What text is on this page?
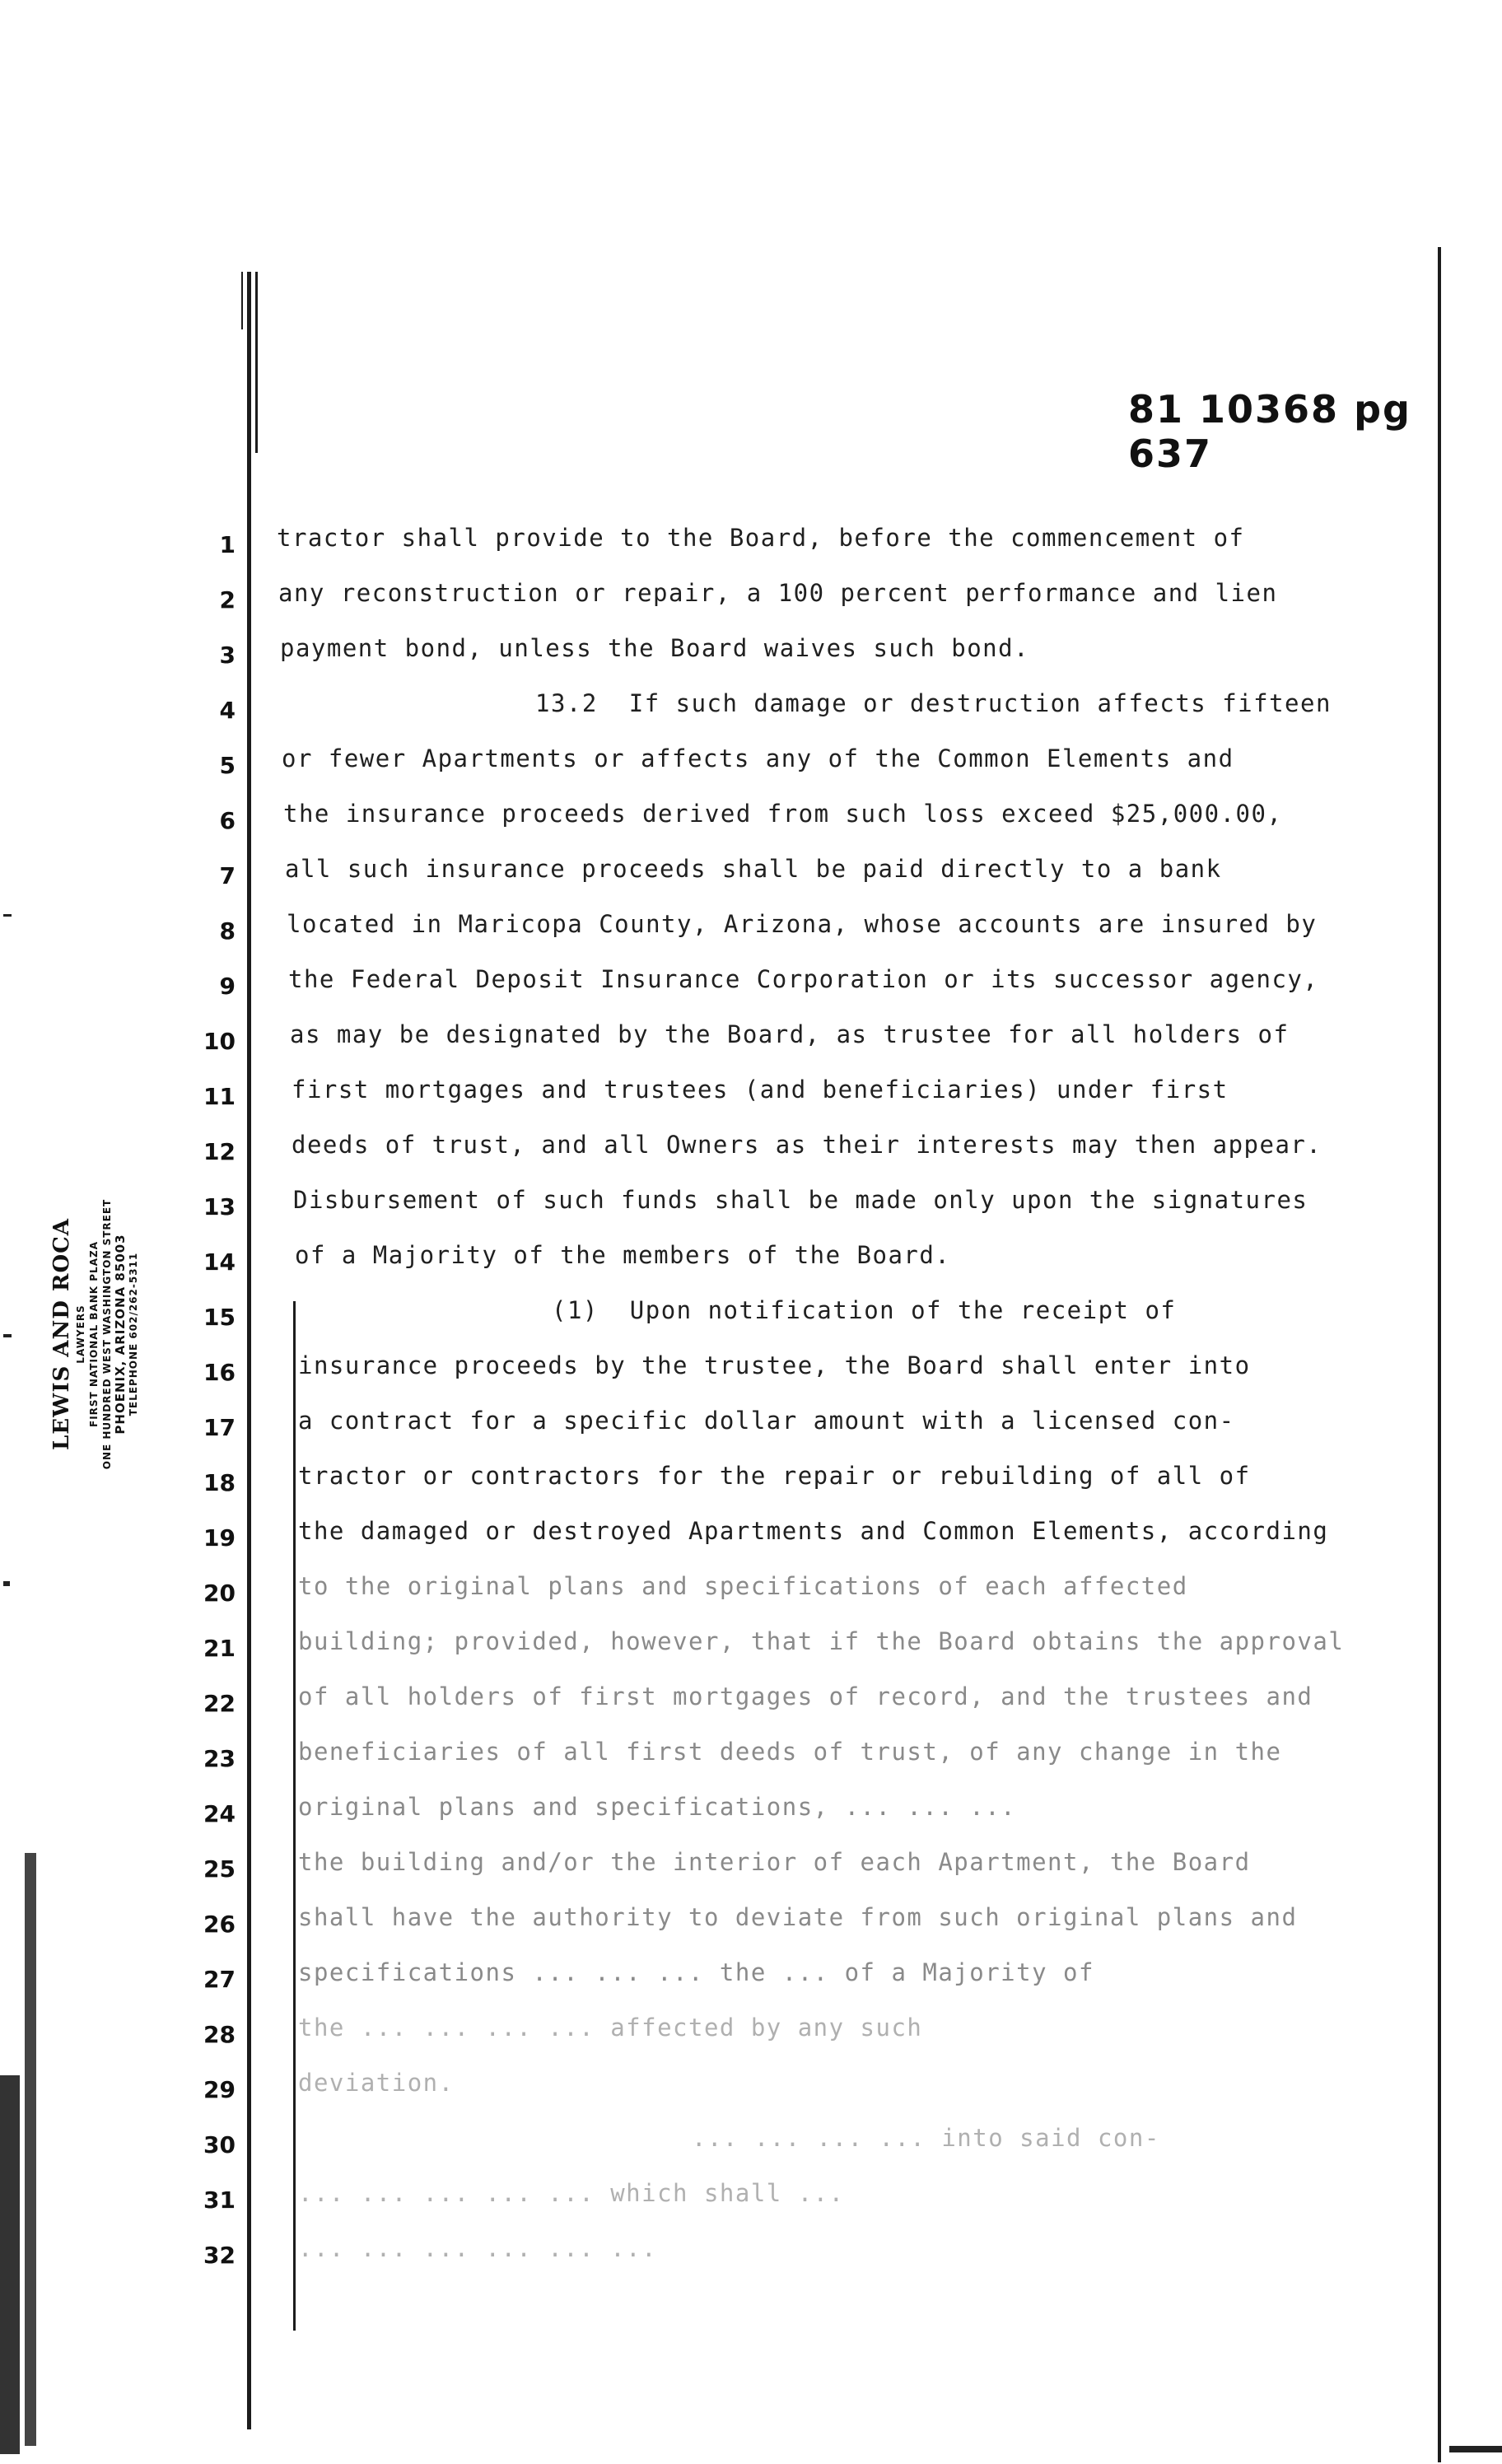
81 10368 pg 637
1
2
3
4
5
6
7
8
9
10
11
12
13
14
15
16
17
18
19
20
21
22
23
24
25
26
27
28
29
30
31
32
tractor shall provide to the Board, before the commencement of
any reconstruction or repair, a 100 percent performance and lien
payment bond, unless the Board waives such bond.
13.2  If such damage or destruction affects fifteen
or fewer Apartments or affects any of the Common Elements and
the insurance proceeds derived from such loss exceed $25,000.00,
all such insurance proceeds shall be paid directly to a bank
located in Maricopa County, Arizona, whose accounts are insured by
the Federal Deposit Insurance Corporation or its successor agency,
as may be designated by the Board, as trustee for all holders of
first mortgages and trustees (and beneficiaries) under first
deeds of trust, and all Owners as their interests may then appear.
Disbursement of such funds shall be made only upon the signatures
of a Majority of the members of the Board.
(1)  Upon notification of the receipt of
insurance proceeds by the trustee, the Board shall enter into
a contract for a specific dollar amount with a licensed con-
tractor or contractors for the repair or rebuilding of all of
the damaged or destroyed Apartments and Common Elements, according
to the original plans and specifications of each affected
building; provided, however, that if the Board obtains the approval
of all holders of first mortgages of record, and the trustees and
beneficiaries of all first deeds of trust, of any change in the
original plans and specifications, ... ... ...
the building and/or the interior of each Apartment, the Board
shall have the authority to deviate from such original plans and
specifications ... ... ... the ... of a Majority of
the ... ... ... ... affected by any such
deviation.
... ... ... ... into said con-
... ... ... ... ... which shall ...
... ... ... ... ... ...
LEWIS AND ROCA LAWYERS FIRST NATIONAL BANK PLAZA ONE HUNDRED WEST WASHINGTON STREET PHOENIX, ARIZONA 85003 TELEPHONE 602/262-5311
